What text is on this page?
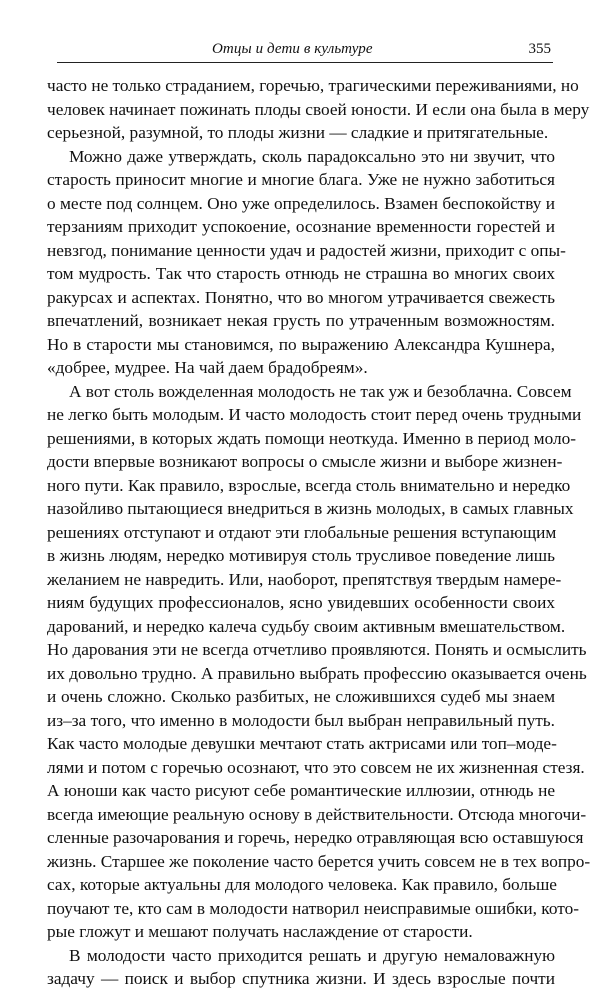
Отцы и дети в культуре	355
часто не только страданием, горечью, трагическими переживаниями, но
человек начинает пожинать плоды своей юности. И если она была в меру
серьезной, разумной, то плоды жизни — сладкие и притягательные.
Можно даже утверждать, сколь парадоксально это ни звучит, что
старость приносит многие и многие блага. Уже не нужно заботиться
о месте под солнцем. Оно уже определилось. Взамен беспокойству и
терзаниям приходит успокоение, осознание временности горестей и
невзгод, понимание ценности удач и радостей жизни, приходит с опы-
том мудрость. Так что старость отнюдь не страшна во многих своих
ракурсах и аспектах. Понятно, что во многом утрачивается свежесть
впечатлений, возникает некая грусть по утраченным возможностям.
Но в старости мы становимся, по выражению Александра Кушнера,
«добрее, мудрее. На чай даем брадобреям».
А вот столь вожделенная молодость не так уж и безоблачна. Совсем
не легко быть молодым. И часто молодость стоит перед очень трудными
решениями, в которых ждать помощи неоткуда. Именно в период моло-
дости впервые возникают вопросы о смысле жизни и выборе жизнен-
ного пути. Как правило, взрослые, всегда столь внимательно и нередко
назойливо пытающиеся внедриться в жизнь молодых, в самых главных
решениях отступают и отдают эти глобальные решения вступающим
в жизнь людям, нередко мотивируя столь трусливое поведение лишь
желанием не навредить. Или, наоборот, препятствуя твердым намере-
ниям будущих профессионалов, ясно увидевших особенности своих
дарований, и нередко калеча судьбу своим активным вмешательством.
Но дарования эти не всегда отчетливо проявляются. Понять и осмыслить
их довольно трудно. А правильно выбрать профессию оказывается очень
и очень сложно. Сколько разбитых, не сложившихся судеб мы знаем
из–за того, что именно в молодости был выбран неправильный путь.
Как часто молодые девушки мечтают стать актрисами или топ–моде-
лями и потом с горечью осознают, что это совсем не их жизненная стезя.
А юноши как часто рисуют себе романтические иллюзии, отнюдь не
всегда имеющие реальную основу в действительности. Отсюда многочи-
сленные разочарования и горечь, нередко отравляющая всю оставшуюся
жизнь. Старшее же поколение часто берется учить совсем не в тех вопро-
сах, которые актуальны для молодого человека. Как правило, больше
поучают те, кто сам в молодости натворил неисправимые ошибки, кото-
рые гложут и мешают получать наслаждение от старости.
В молодости часто приходится решать и другую немаловажную
задачу — поиск и выбор спутника жизни. И здесь взрослые почти
